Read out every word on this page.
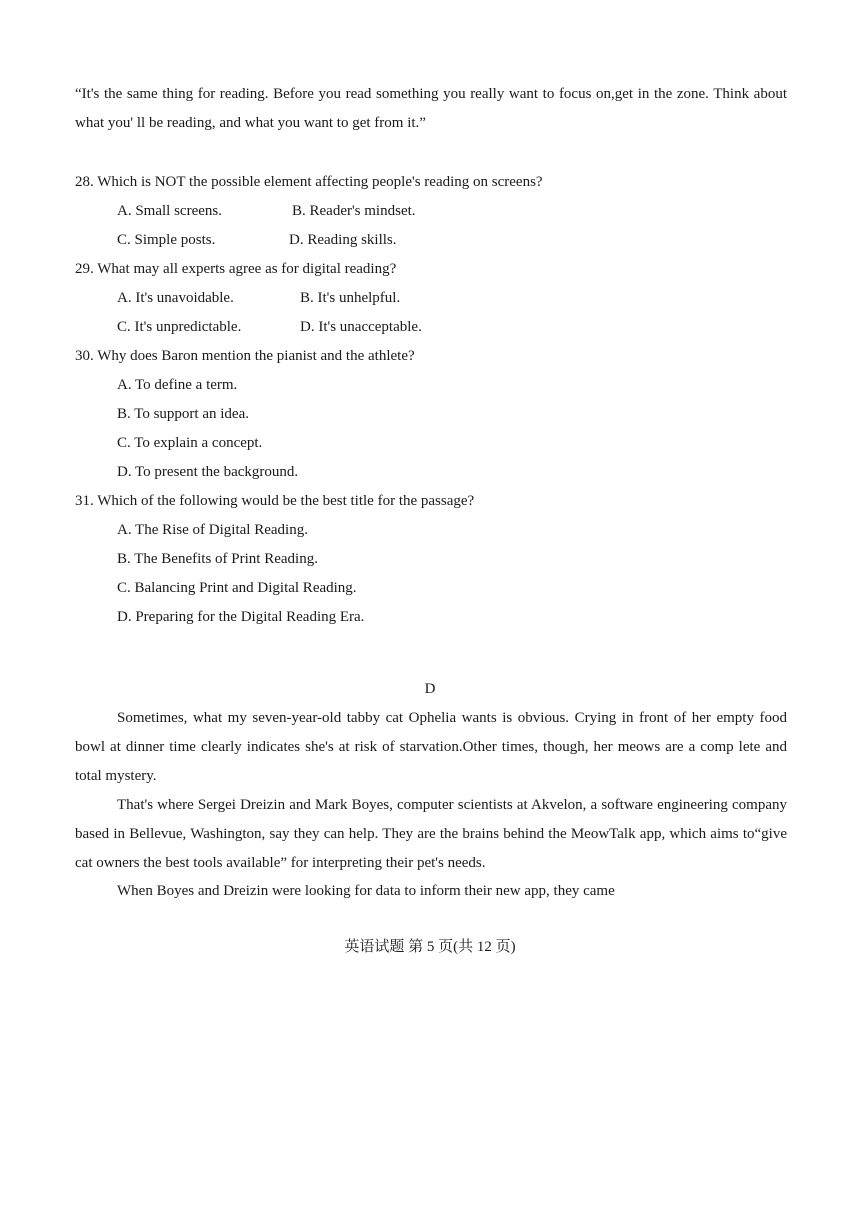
“It's the same thing for reading. Before you read something you really want to focus on,get in the zone. Think about what you' ll be reading, and what you want to get from it.”
28. Which is NOT the possible element affecting people's reading on screens?
A. Small screens.	B. Reader's mindset.
C. Simple posts.	D. Reading skills.
29. What may all experts agree as for digital reading?
A. It's unavoidable.	B. It's unhelpful.
C. It's unpredictable.	D. It's unacceptable.
30. Why does Baron mention the pianist and the athlete?
A. To define a term.
B. To support an idea.
C. To explain a concept.
D. To present the background.
31. Which of the following would be the best title for the passage?
A. The Rise of Digital Reading.
B. The Benefits of Print Reading.
C. Balancing Print and Digital Reading.
D. Preparing for the Digital Reading Era.
D
Sometimes, what my seven-year-old tabby cat Ophelia wants is obvious. Crying in front of her empty food bowl at dinner time clearly indicates she's at risk of starvation.Other times, though, her meows are a comp lete and total mystery.
That's where Sergei Dreizin and Mark Boyes, computer scientists at Akvelon, a software engineering company based in Bellevue, Washington, say they can help. They are the brains behind the MeowTalk app, which aims to“give cat owners the best tools available” for interpreting their pet's needs.
When Boyes and Dreizin were looking for data to inform their new app, they came
英语试题 第 5 页(共 12 页)
